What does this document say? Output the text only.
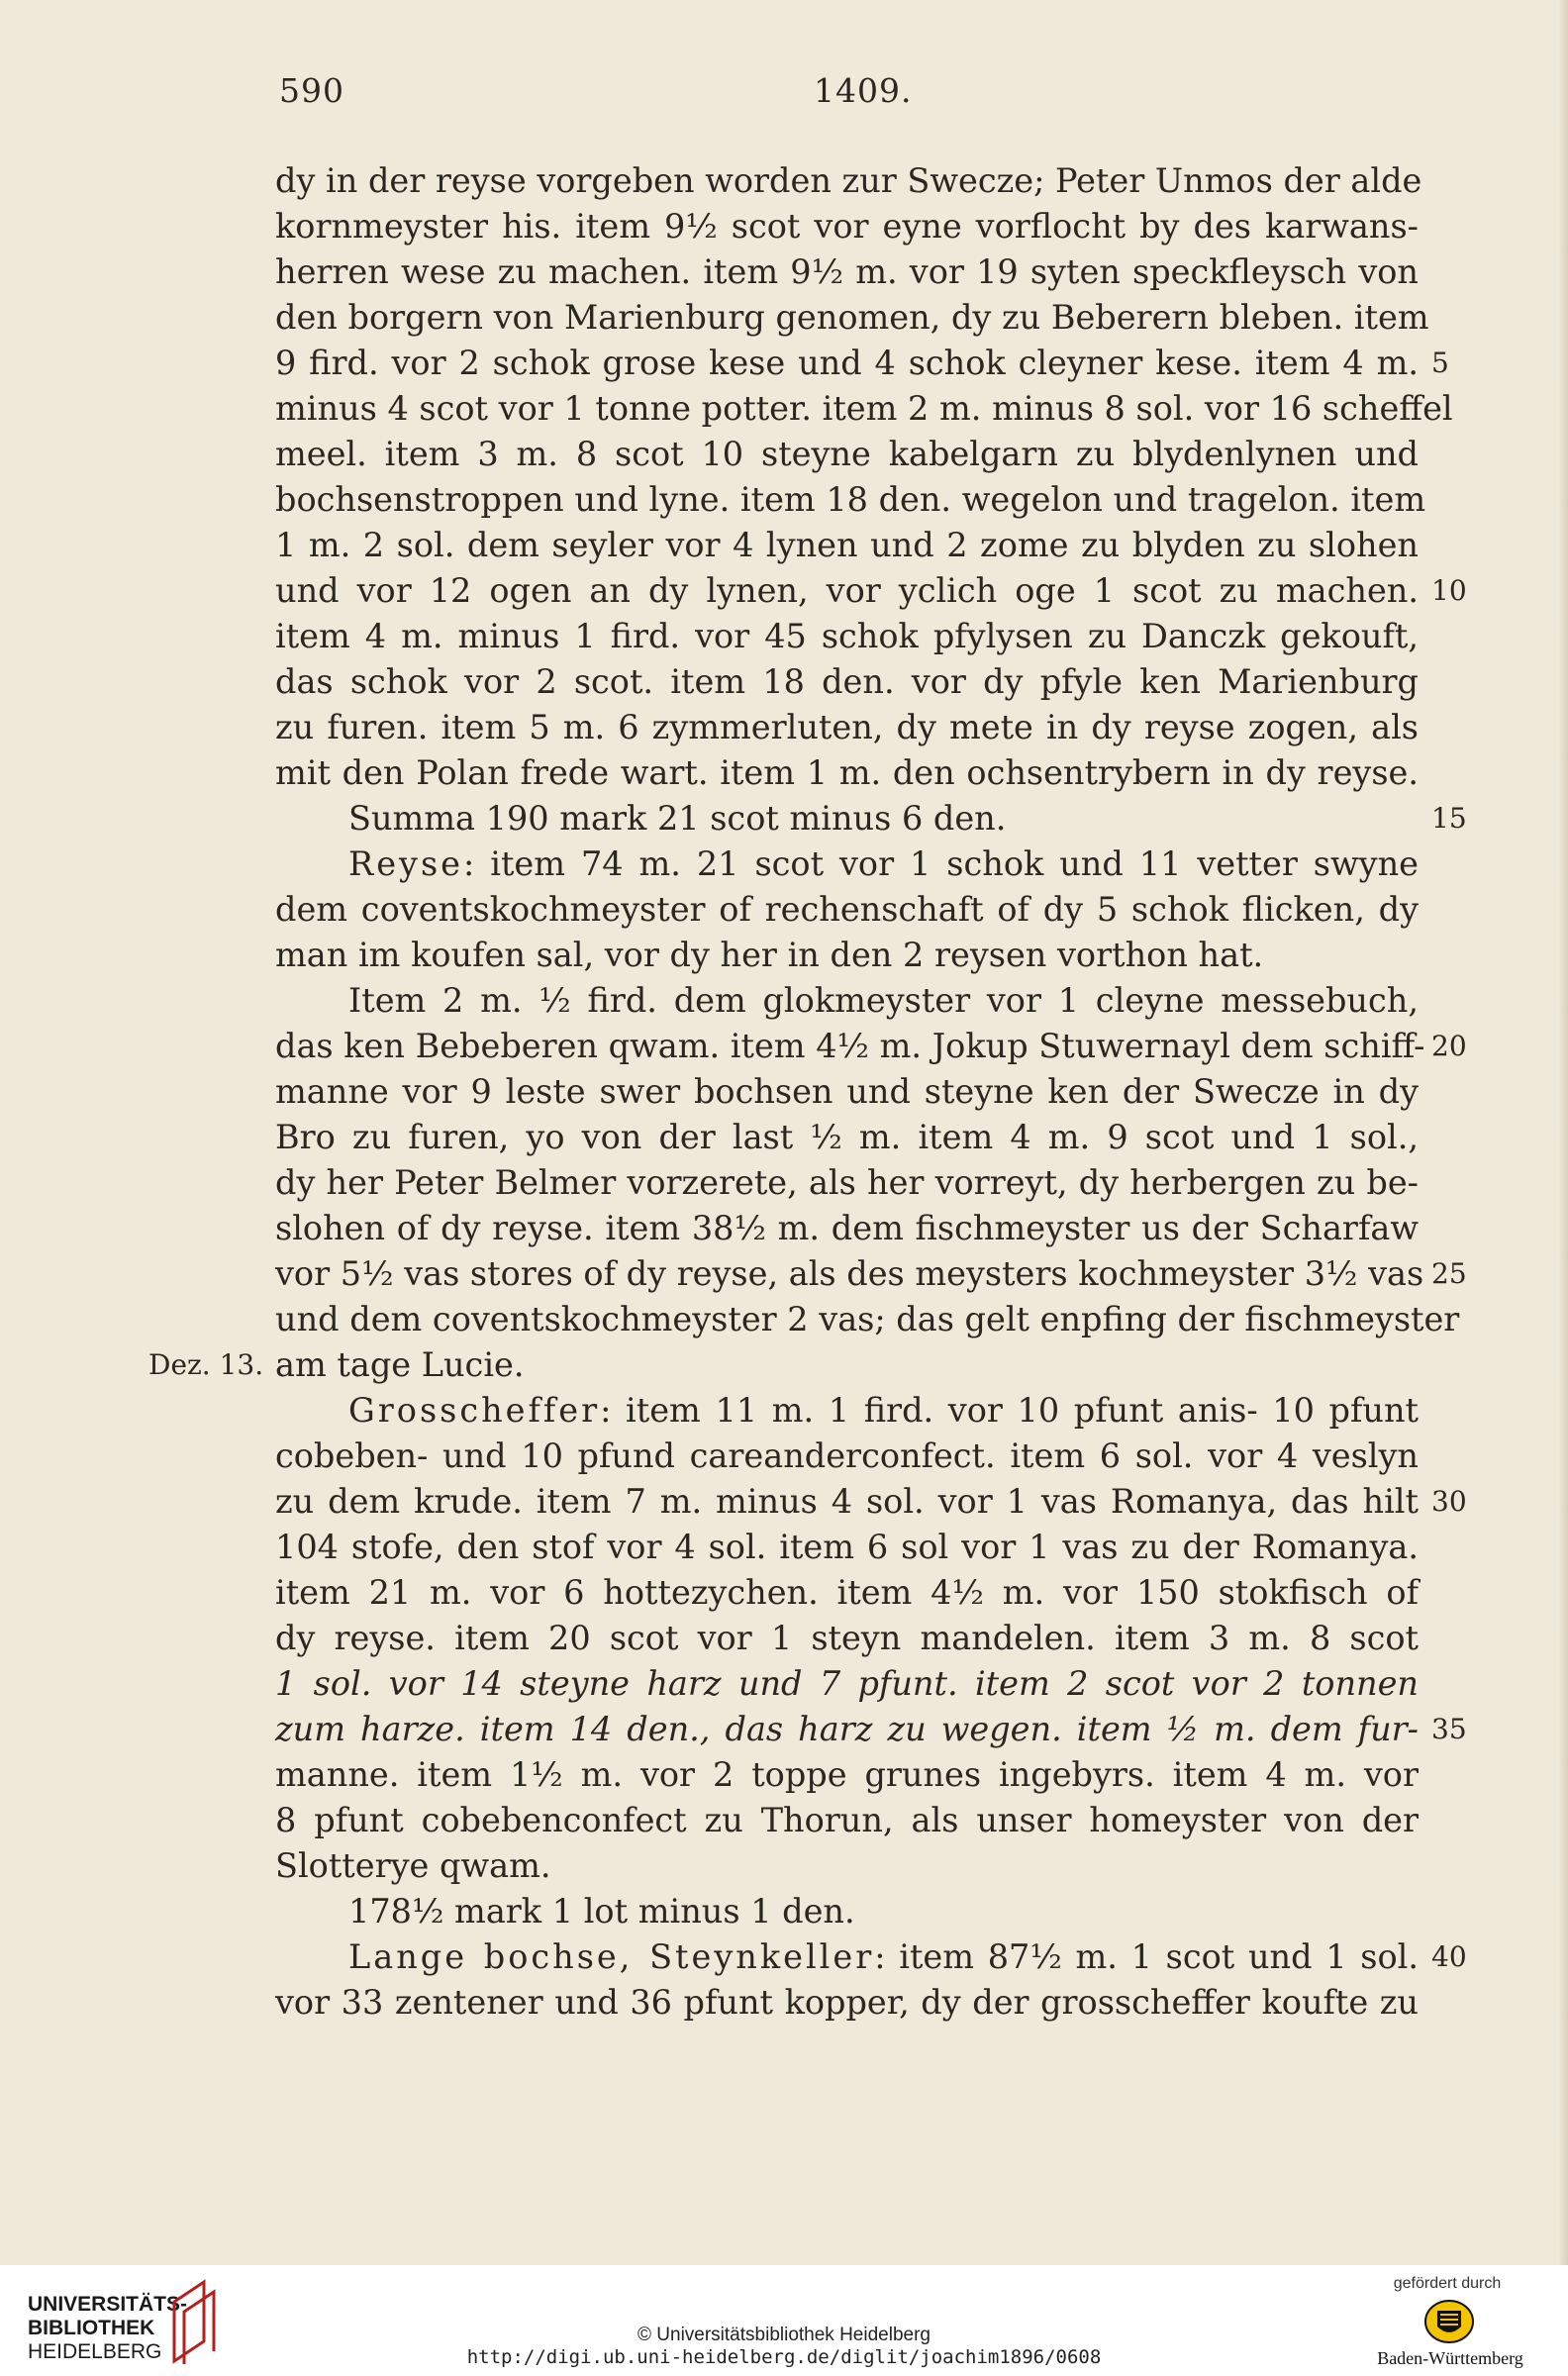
590	1409.
dy in der reyse vorgeben worden zur Swecze; Peter Unmos der alde
kornmeyster his. item 9½ scot vor eyne vorflocht by des karwans-
herren wese zu machen. item 9½ m. vor 19 syten speckfleysch von
den borgern von Marienburg genomen, dy zu Beberern bleben. item
9 fird. vor 2 schok grose kese und 4 schok cleyner kese. item 4 m.
minus 4 scot vor 1 tonne potter. item 2 m. minus 8 sol. vor 16 scheffel
meel. item 3 m. 8 scot 10 steyne kabelgarn zu blydenlynen und
bochsenstroppen und lyne. item 18 den. wegelon und tragelon. item
1 m. 2 sol. dem seyler vor 4 lynen und 2 zome zu blyden zu slohen
und vor 12 ogen an dy lynen, vor yclich oge 1 scot zu machen.
item 4 m. minus 1 fird. vor 45 schok pfylysen zu Danczk gekouft,
das schok vor 2 scot. item 18 den. vor dy pfyle ken Marienburg
zu furen. item 5 m. 6 zymmerluten, dy mete in dy reyse zogen, als
mit den Polan frede wart. item 1 m. den ochsentrybern in dy reyse.
Summa 190 mark 21 scot minus 6 den.
Reyse: item 74 m. 21 scot vor 1 schok und 11 vetter swyne
dem coventskochmeyster of rechenschaft of dy 5 schok flicken, dy
man im koufen sal, vor dy her in den 2 reysen vorthon hat.
Item 2 m. ½ fird. dem glokmeyster vor 1 cleyne messebuch,
das ken Bebeberen qwam. item 4½ m. Jokup Stuwernayl dem schiff-
manne vor 9 leste swer bochsen und steyne ken der Swecze in dy
Bro zu furen, yo von der last ½ m. item 4 m. 9 scot und 1 sol.,
dy her Peter Belmer vorzerete, als her vorreyt, dy herbergen zu be-
slohen of dy reyse. item 38½ m. dem fischmeyster us der Scharfaw
vor 5½ vas stores of dy reyse, als des meysters kochmeyster 3½ vas
und dem coventskochmeyster 2 vas; das gelt enpfing der fischmeyster
am tage Lucie.
Grosscheffer: item 11 m. 1 fird. vor 10 pfunt anis- 10 pfunt
cobeben- und 10 pfund careanderconfect. item 6 sol. vor 4 veslyn
zu dem krude. item 7 m. minus 4 sol. vor 1 vas Romanya, das hilt
104 stofe, den stof vor 4 sol. item 6 sol vor 1 vas zu der Romanya.
item 21 m. vor 6 hottezychen. item 4½ m. vor 150 stokfisch of
dy reyse. item 20 scot vor 1 steyn mandelen. item 3 m. 8 scot
1 sol. vor 14 steyne harz und 7 pfunt. item 2 scot vor 2 tonnen
zum harze. item 14 den., das harz zu wegen. item ½ m. dem fur-
manne. item 1½ m. vor 2 toppe grunes ingebyrs. item 4 m. vor
8 pfunt cobebenconfect zu Thorun, als unser homeyster von der
Slotterye qwam.
178½ mark 1 lot minus 1 den.
Lange bochse, Steynkeller: item 87½ m. 1 scot und 1 sol.
vor 33 zentener und 36 pfunt kopper, dy der grosscheffer koufte zu
5
10
15
20
25
30
35
40
Dez. 13.
UNIVERSITÄTS-
BIBLIOTHEK
HEIDELBERG
© Universitätsbibliothek Heidelberg
http://digi.ub.uni-heidelberg.de/diglit/joachim1896/0608
gefördert durch
Baden-Württemberg
